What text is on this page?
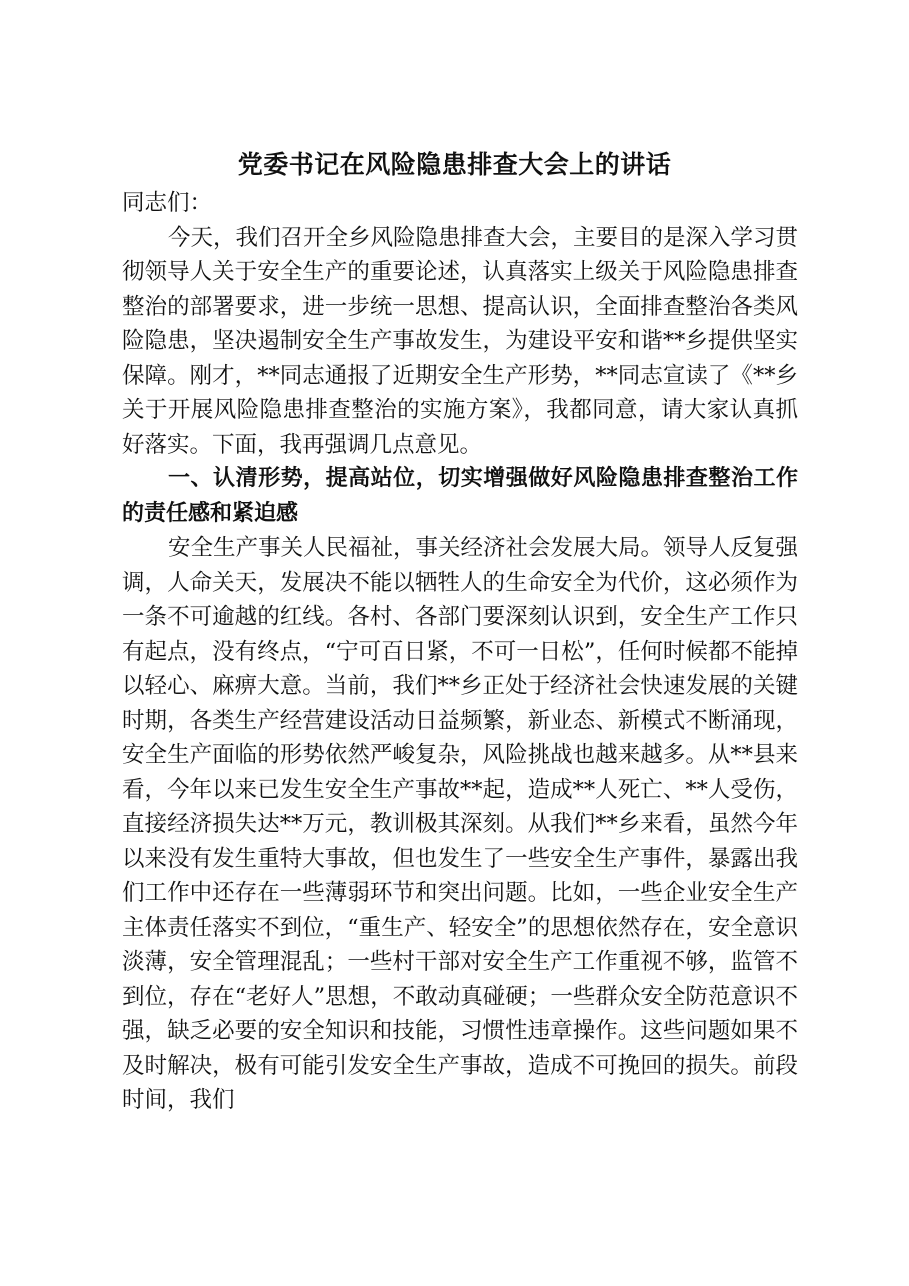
党委书记在风险隐患排查大会上的讲话

同志们：

今天，我们召开全乡风险隐患排查大会，主要目的是深入学习贯彻领导人关于安全生产的重要论述，认真落实上级关于风险隐患排查整治的部署要求，进一步统一思想、提高认识，全面排查整治各类风险隐患，坚决遏制安全生产事故发生，为建设平安和谐**乡提供坚实保障。刚才，**同志通报了近期安全生产形势，**同志宣读了《**乡关于开展风险隐患排查整治的实施方案》，我都同意，请大家认真抓好落实。下面，我再强调几点意见。

一、认清形势，提高站位，切实增强做好风险隐患排查整治工作的责任感和紧迫感

安全生产事关人民福祉，事关经济社会发展大局。领导人反复强调，人命关天，发展决不能以牺牲人的生命安全为代价，这必须作为一条不可逾越的红线。各村、各部门要深刻认识到，安全生产工作只有起点，没有终点，“宁可百日紧，不可一日松”，任何时候都不能掉以轻心、麻痹大意。当前，我们**乡正处于经济社会快速发展的关键时期，各类生产经营建设活动日益频繁，新业态、新模式不断涌现，安全生产面临的形势依然严峻复杂，风险挑战也越来越多。从**县来看，今年以来已发生安全生产事故**起，造成**人死亡、**人受伤，直接经济损失达**万元，教训极其深刻。从我们**乡来看，虽然今年以来没有发生重特大事故，但也发生了一些安全生产事件，暴露出我们工作中还存在一些薄弱环节和突出问题。比如，一些企业安全生产主体责任落实不到位，“重生产、轻安全”的思想依然存在，安全意识淡薄，安全管理混乱；一些村干部对安全生产工作重视不够，监管不到位，存在“老好人”思想，不敢动真碰硬；一些群众安全防范意识不强，缺乏必要的安全知识和技能，习惯性违章操作。这些问题如果不及时解决，极有可能引发安全生产事故，造成不可挽回的损失。前段时间，我们
